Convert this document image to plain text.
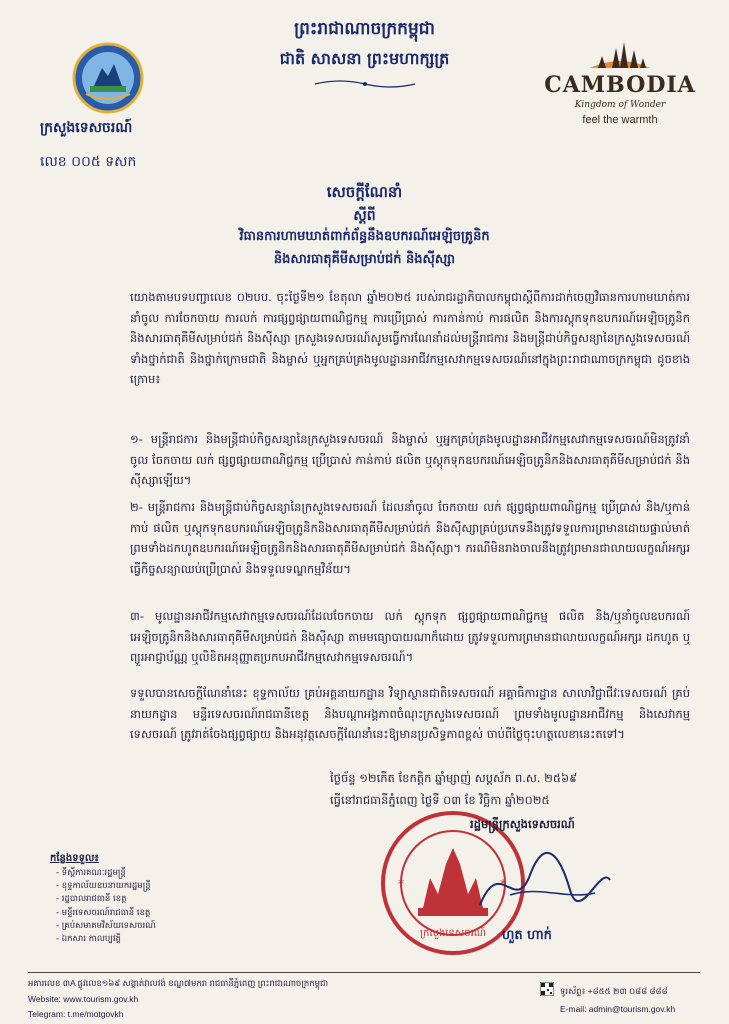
ព្រះរាជាណាចក្រកម្ពុជា
ជាតិ សាសនា ព្រះមហាក្សត្រ
ក្រសួងទេសចរណ៍
លេខ ០០៥ ទសក
CAMBODIA
Kingdom of Wonder
feel the warmth
សេចក្តីណែនាំ
ស្តីពី
វិធានការហាមឃាត់ពាក់ព័ន្ធនឹងឧបករណ៍អេឡិចត្រូនិក
និងសារធាតុគីមីសម្រាប់ជក់ និងស៊ីស្សា
យោងតាមបទបញ្ជាលេខ ០២បប. ចុះថ្ងៃទី២១ ខែតុលា ឆ្នាំ២០២៥ របស់រាជរដ្ឋាភិបាលកម្ពុជាស្តីពីការដាក់ចេញវិធានការហាមឃាត់ការនាំចូល ការចែកចាយ ការលក់ ការផ្សព្វផ្សាយពាណិជ្ជកម្ម ការប្រើប្រាស់ ការកាន់កាប់ ការផលិត និងការស្តុកទុកឧបករណ៍អេឡិចត្រូនិកនិងសារធាតុគីមីសម្រាប់ជក់ និងស៊ីស្សា ក្រសួងទេសចរណ៍សូមធ្វើការណែនាំដល់មន្ត្រីរាជការ និងមន្ត្រីជាប់កិច្ចសន្យានៃក្រសួងទេសចរណ៍ ទាំងថ្នាក់ជាតិ និងថ្នាក់ក្រោមជាតិ និងម្ចាស់ ឬអ្នកគ្រប់គ្រងមូលដ្ឋានអាជីវកម្មសេវាកម្មទេសចរណ៍នៅក្នុងព្រះរាជាណាចក្រកម្ពុជា ដូចខាងក្រោម៖
១- មន្ត្រីរាជការ និងមន្ត្រីជាប់កិច្ចសន្យានៃក្រសួងទេសចរណ៍ និងម្ចាស់ ឬអ្នកគ្រប់គ្រងមូលដ្ឋានអាជីវកម្មសេវាកម្មទេសចរណ៍មិនត្រូវនាំចូល ចែកចាយ លក់ ផ្សព្វផ្សាយពាណិជ្ជកម្ម ប្រើប្រាស់ កាន់កាប់ ផលិត ឬស្តុកទុកឧបករណ៍អេឡិចត្រូនិកនិងសារធាតុគីមីសម្រាប់ជក់ និងស៊ីស្សាឡើយ។
២- មន្ត្រីរាជការ និងមន្ត្រីជាប់កិច្ចសន្យានៃក្រសួងទេសចរណ៍ ដែលនាំចូល ចែកចាយ លក់ ផ្សព្វផ្សាយពាណិជ្ជកម្ម ប្រើប្រាស់ និង/ឬកាន់កាប់ ផលិត ឬស្តុកទុកឧបករណ៍អេឡិចត្រូនិកនិងសារធាតុគីមីសម្រាប់ជក់ និងស៊ីស្សាគ្រប់ប្រភេទនឹងត្រូវទទួលការព្រមានដោយផ្ទាល់មាត់ ព្រមទាំងដកហូតឧបករណ៍អេឡិចត្រូនិកនិងសារធាតុគីមីសម្រាប់ជក់ និងស៊ីស្សា។ ករណីមិនរាងចាលនឹងត្រូវព្រមានជាលាយលក្ខណ៍អក្សរ ធ្វើកិច្ចសន្យាឈប់ប្រើប្រាស់ និងទទួលទណ្ឌកម្មវិន័យ។
៣- មូលដ្ឋានអាជីវកម្មសេវាកម្មទេសចរណ៍ដែលចែកចាយ លក់ ស្តុកទុក ផ្សព្វផ្សាយពាណិជ្ជកម្ម ផលិត និង/ឬនាំចូលឧបករណ៍អេឡិចត្រូនិកនិងសារធាតុគីមីសម្រាប់ជក់ និងស៊ីស្សា តាមមធ្យោបាយណាក៏ដោយ ត្រូវទទួលការព្រមានជាលាយលក្ខណ៍អក្សរ ដកហូត ឬព្យួរអាជ្ញាប័ណ្ណ ឬលិខិតអនុញ្ញាតប្រកបអាជីវកម្មសេវាកម្មទេសចរណ៍។
ទទួលបានសេចក្តីណែនាំនេះ ខុទ្ទកាល័យ គ្រប់អគ្គនាយកដ្ឋាន វិទ្យាស្ថានជាតិទេសចរណ៍ អគ្គាធិការដ្ឋាន សាលាវិជ្ជាជីវៈទេសចរណ៍ គ្រប់នាយកដ្ឋាន មន្ទីរទេសចរណ៍រាជធានីខេត្ត និងបណ្តាអង្គភាពចំណុះក្រសួងទេសចរណ៍ ព្រមទាំងមូលដ្ឋានអាជីវកម្ម និងសេវាកម្មទេសចរណ៍ ត្រូវរាត់ចែងផ្សព្វផ្សាយ និងអនុវត្តសេចក្តីណែនាំនេះឱ្យមានប្រសិទ្ធភាពខ្ពស់ ចាប់ពីថ្ងៃចុះហត្ថលេខានេះតទៅ។
ថ្ងៃច័ន្ទ ១២កើត ខែកត្តិក ឆ្នាំម្សាញ់ សប្តស័ក ព.ស. ២៥៦៩
ធ្វើនៅរាជធានីភ្នំពេញ ថ្ងៃទី ០៣ ខែ វិច្ឆិកា ឆ្នាំ២០២៥
*	*
ក្រសួងទេសចរណ៍
រដ្ឋមន្ត្រីក្រសួងទេសចរណ៍
ហួត ហាក់
កន្លែងទទួល៖
- ទីស្តីការគណៈរដ្ឋមន្ត្រី
- ខុទ្ទកាល័យឧបនាយករដ្ឋមន្ត្រី
- រដ្ឋបាលរាជធានី ខេត្ត
- មន្ទីរទេសចរណ៍រាជធានី ខេត្ត
- គ្រប់សមាគមវិស័យទេសចរណ៍
- ឯកសារ កាលប្បវត្តិ
អគារលេខ ៣A ផ្លូវលេខ១៦៩ សង្កាត់វាលវង់ ខណ្ឌ៧មករា រាជធានីភ្នំពេញ ព្រះរាជាណាចក្រកម្ពុជា
Website: www.tourism.gov.kh
Telegram: t.me/motgovkh
ទូរស័ព្ទ៖ +៨៥៥ ២៣ ០៨៨ ៨៨៨
E-mail: admin@tourism.gov.kh
